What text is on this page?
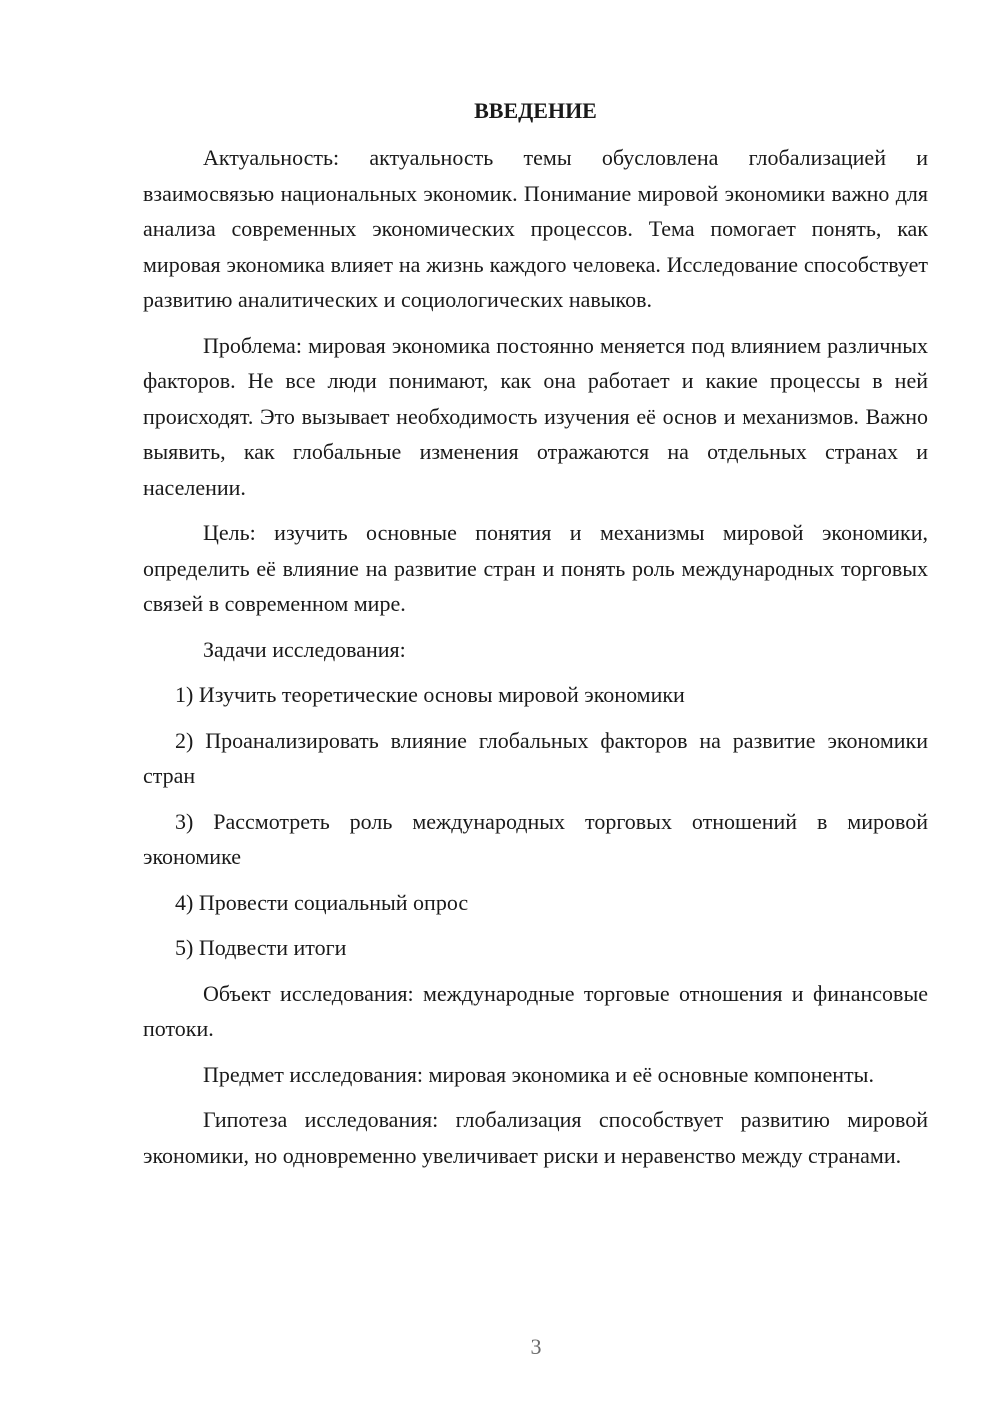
ВВЕДЕНИЕ

Актуальность: актуальность темы обусловлена глобализацией и взаимосвязью национальных экономик. Понимание мировой экономики важно для анализа современных экономических процессов. Тема помогает понять, как мировая экономика влияет на жизнь каждого человека. Исследование способствует развитию аналитических и социологических навыков.

Проблема: мировая экономика постоянно меняется под влиянием различных факторов. Не все люди понимают, как она работает и какие процессы в ней происходят. Это вызывает необходимость изучения её основ и механизмов. Важно выявить, как глобальные изменения отражаются на отдельных странах и населении.

Цель: изучить основные понятия и механизмы мировой экономики, определить её влияние на развитие стран и понять роль международных торговых связей в современном мире.

Задачи исследования:

1) Изучить теоретические основы мировой экономики

2) Проанализировать влияние глобальных факторов на развитие экономики стран

3) Рассмотреть роль международных торговых отношений в мировой экономике

4) Провести социальный опрос

5) Подвести итоги

Объект исследования: международные торговые отношения и финансовые потоки.

Предмет исследования: мировая экономика и её основные компоненты.

Гипотеза исследования: глобализация способствует развитию мировой экономики, но одновременно увеличивает риски и неравенство между странами.

3
